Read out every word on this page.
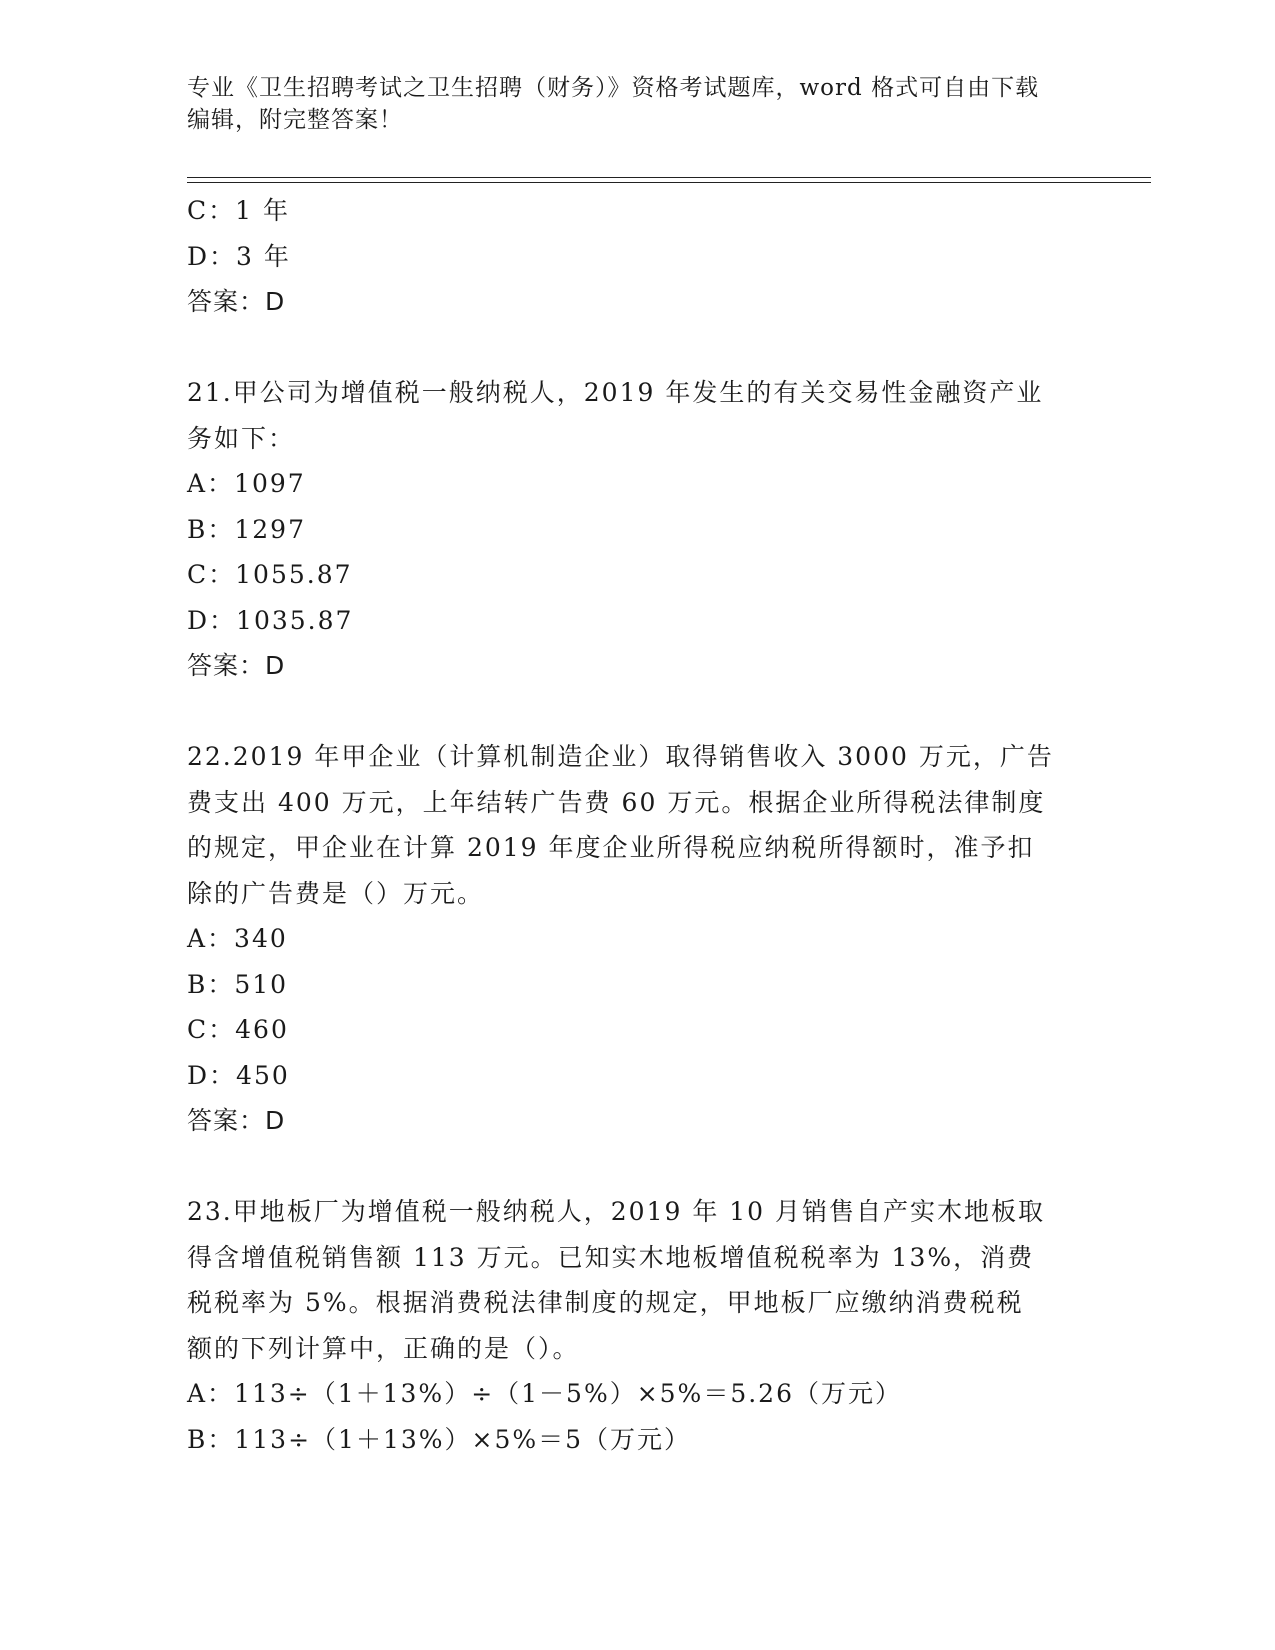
专业《卫生招聘考试之卫生招聘（财务）》资格考试题库，word 格式可自由下载
编辑，附完整答案！
C：1 年
D：3 年
答案：D
21.甲公司为增值税一般纳税人，2019 年发生的有关交易性金融资产业
务如下：
A：1097
B：1297
C：1055.87
D：1035.87
答案：D
22.2019 年甲企业（计算机制造企业）取得销售收入 3000 万元，广告
费支出 400 万元，上年结转广告费 60 万元。根据企业所得税法律制度
的规定，甲企业在计算 2019 年度企业所得税应纳税所得额时，准予扣
除的广告费是（）万元。
A：340
B：510
C：460
D：450
答案：D
23.甲地板厂为增值税一般纳税人，2019 年 10 月销售自产实木地板取
得含增值税销售额 113 万元。已知实木地板增值税税率为 13%，消费
税税率为 5%。根据消费税法律制度的规定，甲地板厂应缴纳消费税税
额的下列计算中，正确的是（）。
A：113÷（1＋13%）÷（1－5%）×5%＝5.26（万元）
B：113÷（1＋13%）×5%＝5（万元）
